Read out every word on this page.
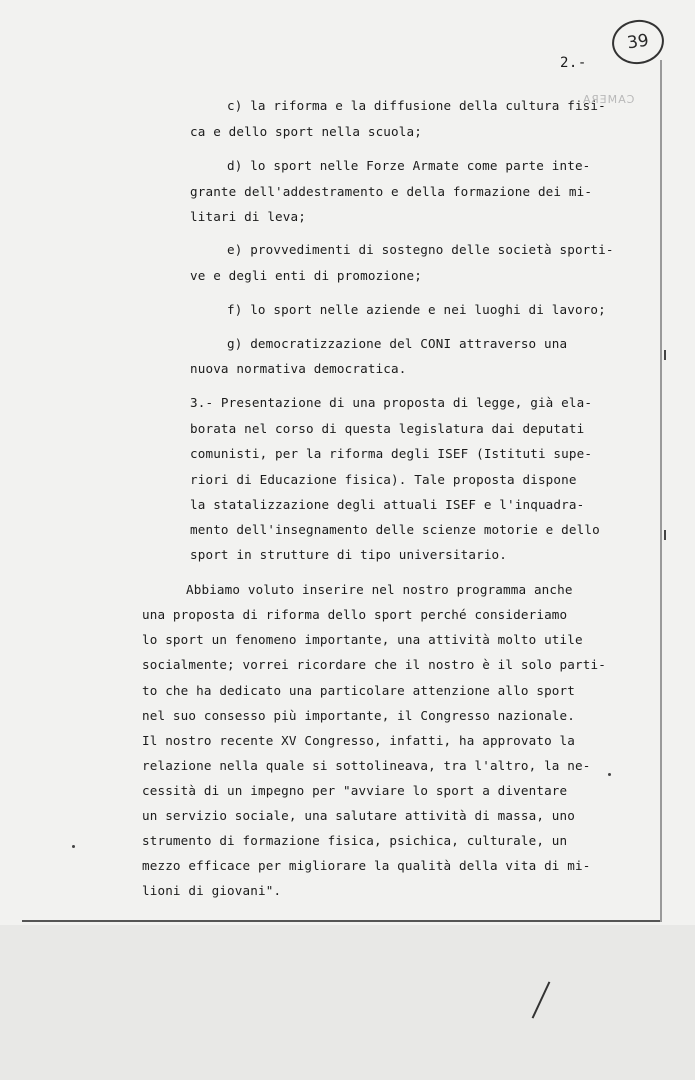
39
CAMERA
2.-
c) la riforma e la diffusione della cultura fisi-
ca e dello sport nella scuola;
d) lo sport nelle Forze Armate come parte inte-
grante dell'addestramento e della formazione dei mi-
litari di leva;
e) provvedimenti di sostegno delle società sporti-
ve e degli enti di promozione;
f) lo sport nelle aziende e nei luoghi di lavoro;
g) democratizzazione del CONI attraverso una
nuova normativa democratica.
3.- Presentazione di una proposta di legge, già ela-
borata nel corso di questa legislatura dai deputati
comunisti, per la riforma degli ISEF (Istituti supe-
riori di Educazione fisica). Tale proposta dispone
la statalizzazione degli attuali ISEF e l'inquadra-
mento dell'insegnamento delle scienze motorie e dello
sport in strutture di tipo universitario.
Abbiamo voluto inserire nel nostro programma anche
una proposta di riforma dello sport perché consideriamo
lo sport un fenomeno importante, una attività molto utile
socialmente; vorrei ricordare che il nostro è il solo parti-
to che ha dedicato una particolare attenzione allo sport
nel suo consesso più importante, il Congresso nazionale.
Il nostro recente XV Congresso, infatti, ha approvato la
relazione nella quale si sottolineava, tra l'altro, la ne-
cessità di un impegno per "avviare lo sport a diventare
un servizio sociale, una salutare attività di massa, uno
strumento di formazione fisica, psichica, culturale, un
mezzo efficace per migliorare la qualità della vita di mi-
lioni di giovani".
